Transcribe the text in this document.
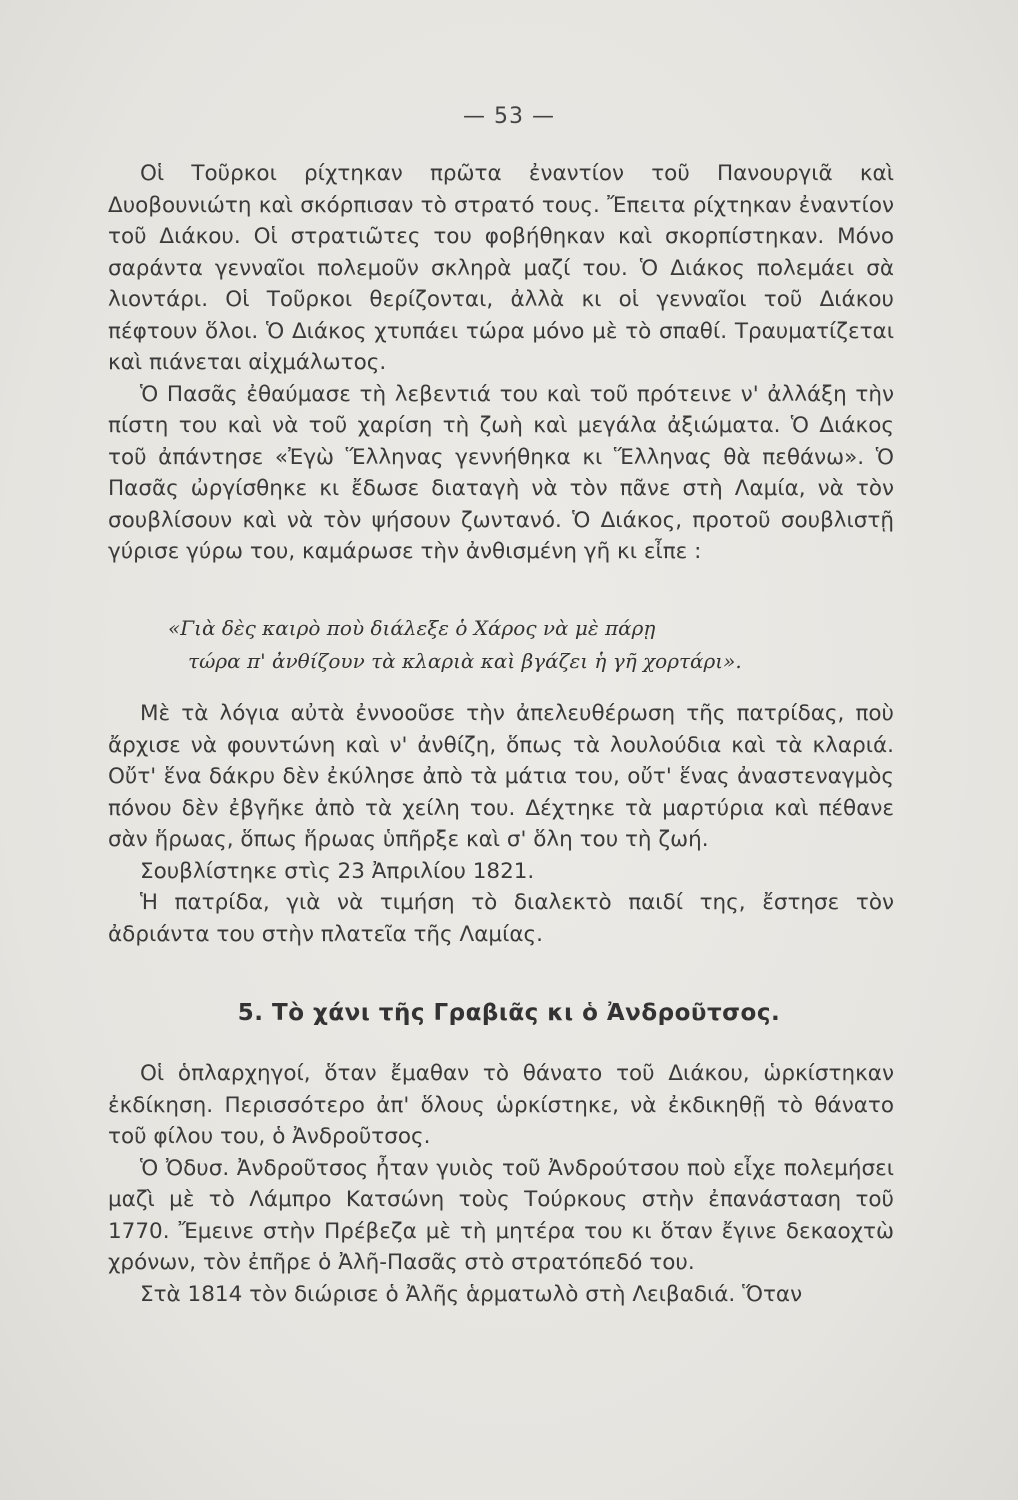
— 53 —

Οἱ Τοῦρκοι ρίχτηκαν πρῶτα ἐναντίον τοῦ Πανουργιᾶ καὶ Δυοβουνιώτη καὶ σκόρπισαν τὸ στρατό τους. Ἔπειτα ρίχτηκαν ἐναντίον τοῦ Διάκου. Οἱ στρατιῶτες του φοβήθηκαν καὶ σκορπίστηκαν. Μόνο σαράντα γενναῖοι πολεμοῦν σκληρὰ μαζί του. Ὁ Διάκος πολεμάει σὰ λιοντάρι. Οἱ Τοῦρκοι θερίζονται, ἀλλὰ κι οἱ γενναῖοι τοῦ Διάκου πέφτουν ὅλοι. Ὁ Διάκος χτυπάει τώρα μόνο μὲ τὸ σπαθί. Τραυματίζεται καὶ πιάνεται αἰχμάλωτος.

Ὁ Πασᾶς ἐθαύμασε τὴ λεβεντιά του καὶ τοῦ πρότεινε ν' ἀλλάξη τὴν πίστη του καὶ νὰ τοῦ χαρίση τὴ ζωὴ καὶ μεγάλα ἀξιώματα. Ὁ Διάκος τοῦ ἀπάντησε «Ἐγὼ Ἕλληνας γεννήθηκα κι Ἕλληνας θὰ πεθάνω». Ὁ Πασᾶς ὠργίσθηκε κι ἔδωσε διαταγὴ νὰ τὸν πᾶνε στὴ Λαμία, νὰ τὸν σουβλίσουν καὶ νὰ τὸν ψήσουν ζωντανό. Ὁ Διάκος, προτοῦ σουβλιστῇ γύρισε γύρω του, καμάρωσε τὴν ἀνθισμένη γῆ κι εἶπε :

«Γιὰ δὲς καιρὸ ποὺ διάλεξε ὁ Χάρος νὰ μὲ πάρῃ
τώρα π' ἀνθίζουν τὰ κλαριὰ καὶ βγάζει ἡ γῆ χορτάρι».

Μὲ τὰ λόγια αὐτὰ ἐννοοῦσε τὴν ἀπελευθέρωση τῆς πατρίδας, ποὺ ἄρχισε νὰ φουντώνη καὶ ν' ἀνθίζη, ὅπως τὰ λουλούδια καὶ τὰ κλαριά. Οὔτ' ἕνα δάκρυ δὲν ἐκύλησε ἀπὸ τὰ μάτια του, οὔτ' ἕνας ἀναστεναγμὸς πόνου δὲν ἐβγῆκε ἀπὸ τὰ χείλη του. Δέχτηκε τὰ μαρτύρια καὶ πέθανε σὰν ἥρωας, ὅπως ἥρωας ὑπῆρξε καὶ σ' ὅλη του τὴ ζωή.

Σουβλίστηκε στὶς 23 Ἀπριλίου 1821.

Ἡ πατρίδα, γιὰ νὰ τιμήση τὸ διαλεκτὸ παιδί της, ἔστησε τὸν ἀδριάντα του στὴν πλατεῖα τῆς Λαμίας.

5. Τὸ χάνι τῆς Γραβιᾶς κι ὁ Ἀνδροῦτσος.

Οἱ ὁπλαρχηγοί, ὅταν ἔμαθαν τὸ θάνατο τοῦ Διάκου, ὡρκίστηκαν ἐκδίκηση. Περισσότερο ἀπ' ὅλους ὡρκίστηκε, νὰ ἐκδικηθῇ τὸ θάνατο τοῦ φίλου του, ὁ Ἀνδροῦτσος.

Ὁ Ὀδυσ. Ἀνδροῦτσος ἦταν γυιὸς τοῦ Ἀνδρούτσου ποὺ εἶχε πολεμήσει μαζὶ μὲ τὸ Λάμπρο Κατσώνη τοὺς Τούρκους στὴν ἐπανάσταση τοῦ 1770. Ἔμεινε στὴν Πρέβεζα μὲ τὴ μητέρα του κι ὅταν ἔγινε δεκαοχτὼ χρόνων, τὸν ἐπῆρε ὁ Ἀλῆ-Πασᾶς στὸ στρατόπεδό του.

Στὰ 1814 τὸν διώρισε ὁ Ἀλῆς ἁρματωλὸ στὴ Λειβαδιά. Ὅταν
